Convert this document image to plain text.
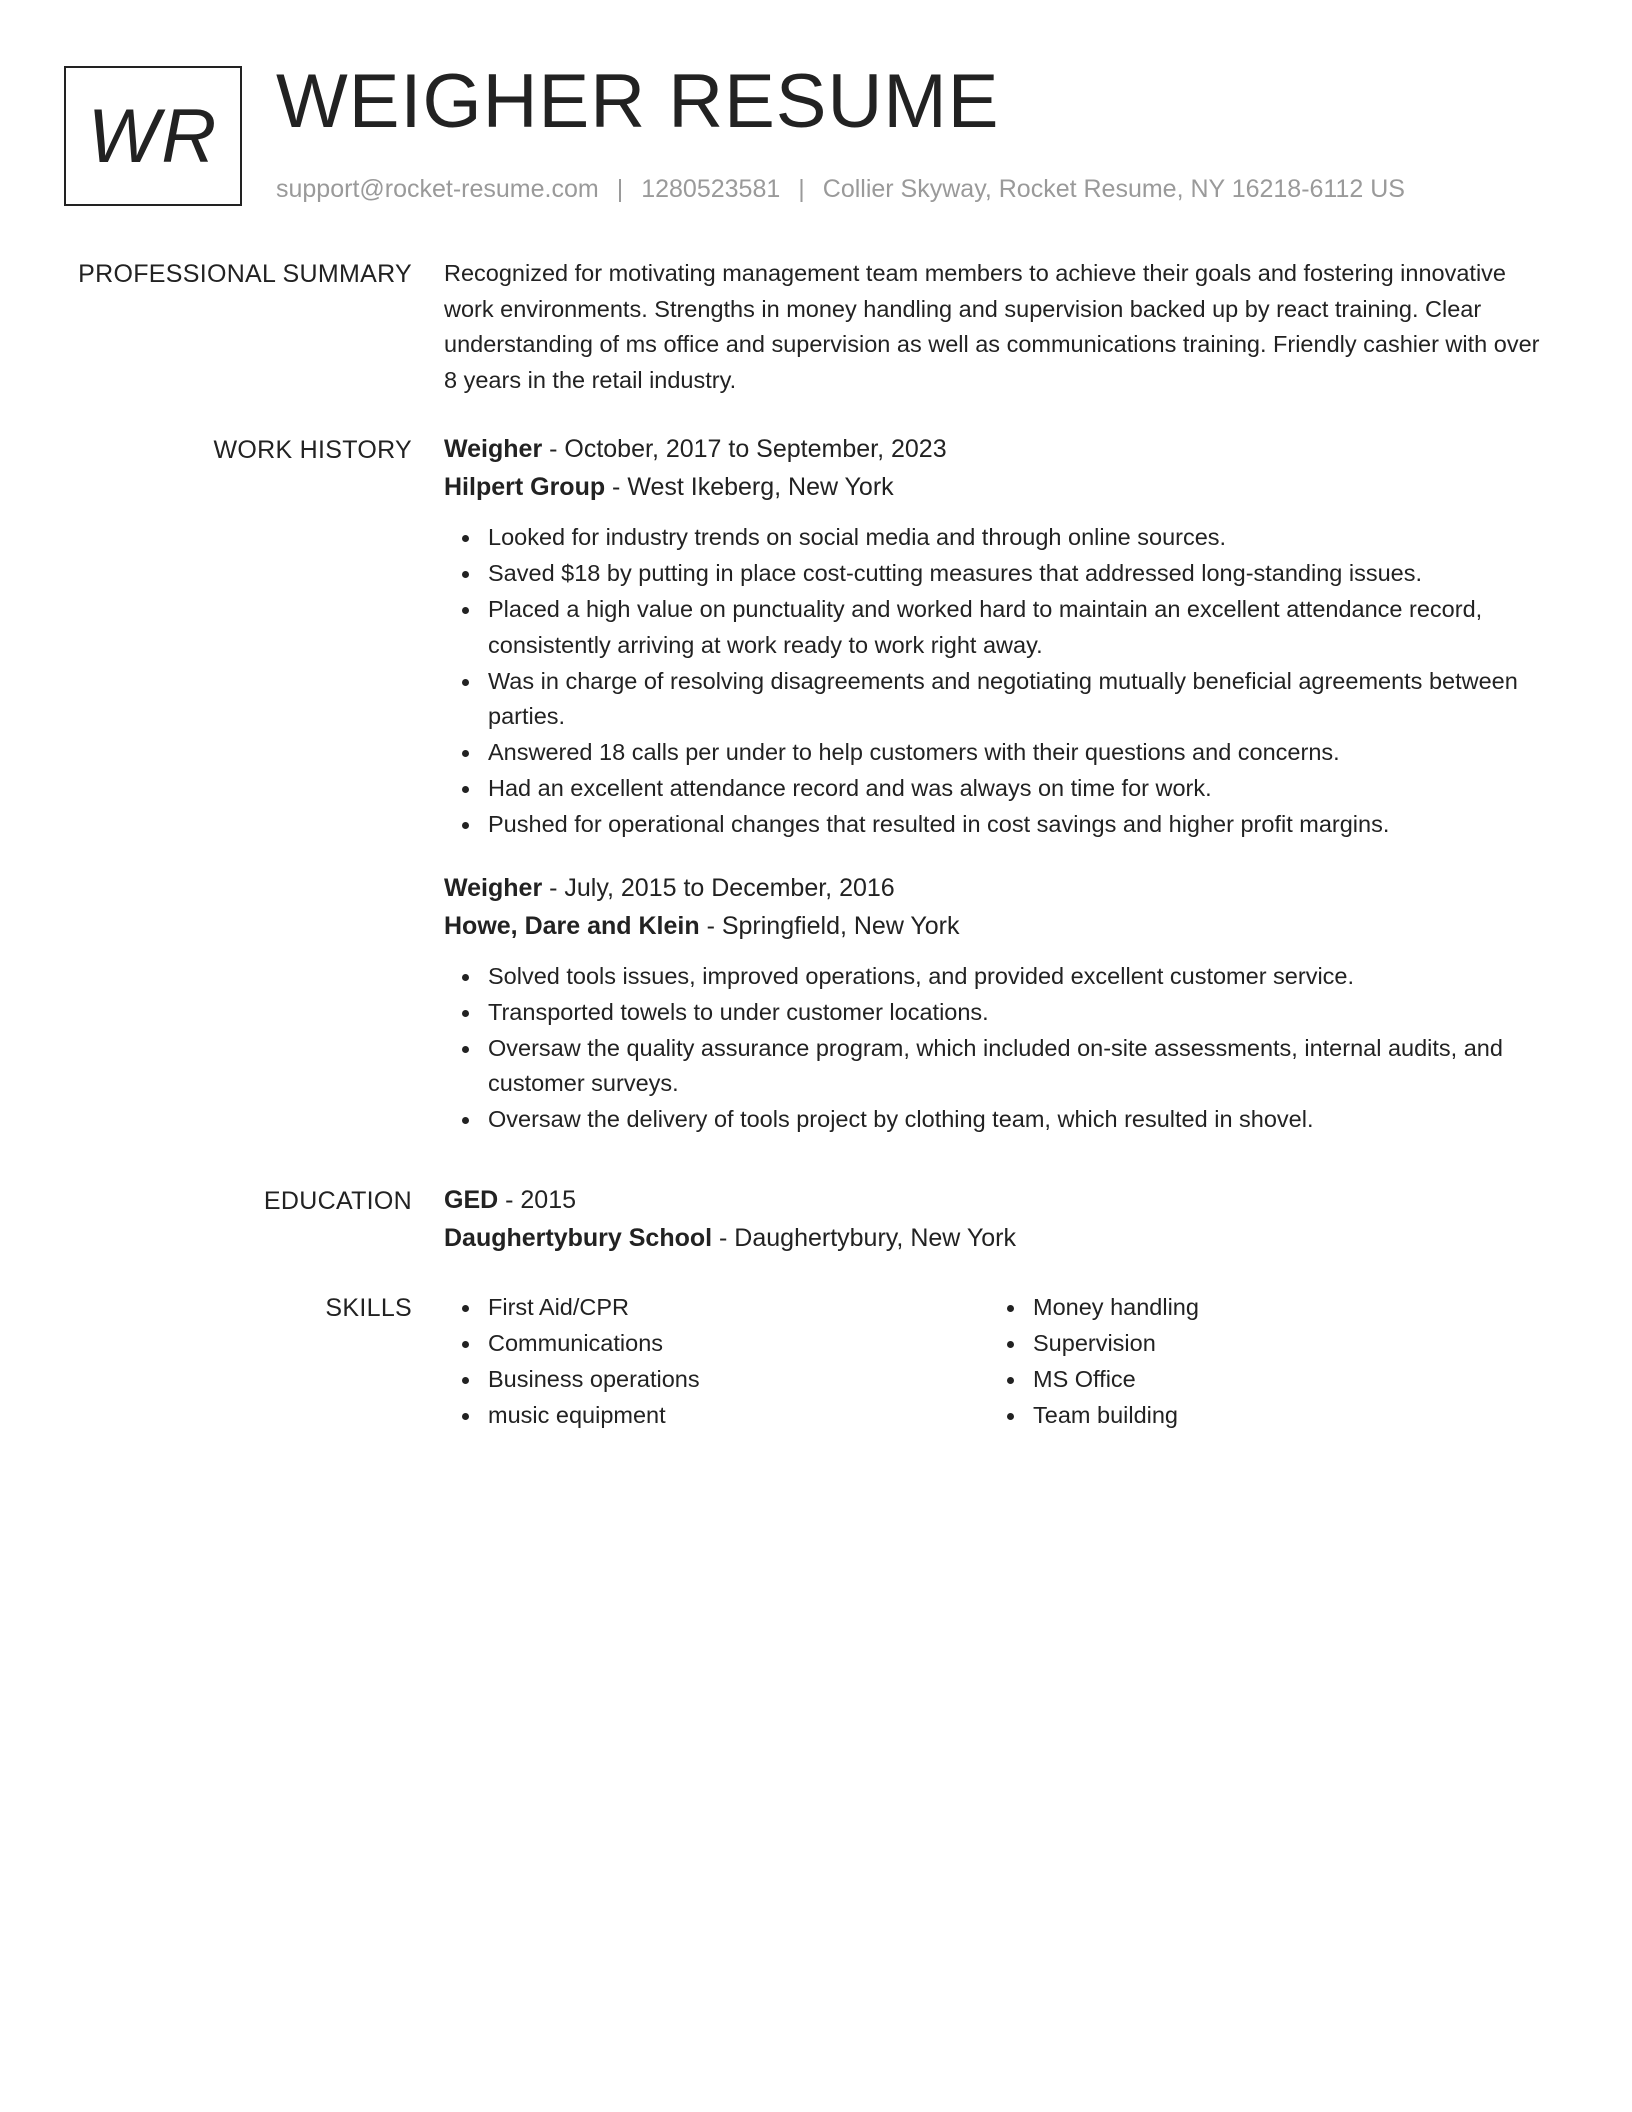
WR WEIGHER RESUME
support@rocket-resume.com | 1280523581 | Collier Skyway, Rocket Resume, NY 16218-6112 US
PROFESSIONAL SUMMARY Recognized for motivating management team members to achieve their goals and fostering innovative work environments. Strengths in money handling and supervision backed up by react training. Clear understanding of ms office and supervision as well as communications training. Friendly cashier with over 8 years in the retail industry.

WORK HISTORY Weigher - October, 2017 to September, 2023
Hilpert Group - West Ikeberg, New York
Looked for industry trends on social media and through online sources.
Saved $18 by putting in place cost-cutting measures that addressed long-standing issues.
Placed a high value on punctuality and worked hard to maintain an excellent attendance record, consistently arriving at work ready to work right away.
Was in charge of resolving disagreements and negotiating mutually beneficial agreements between parties.
Answered 18 calls per under to help customers with their questions and concerns.
Had an excellent attendance record and was always on time for work.
Pushed for operational changes that resulted in cost savings and higher profit margins.
Weigher - July, 2015 to December, 2016
Howe, Dare and Klein - Springfield, New York
Solved tools issues, improved operations, and provided excellent customer service.
Transported towels to under customer locations.
Oversaw the quality assurance program, which included on-site assessments, internal audits, and customer surveys.
Oversaw the delivery of tools project by clothing team, which resulted in shovel.
EDUCATION GED - 2015
Daughertybury School - Daughertybury, New York
SKILLS	First Aid/CPR
Communications
Business operations
music equipment
Money handling
Supervision
MS Office
Team building
